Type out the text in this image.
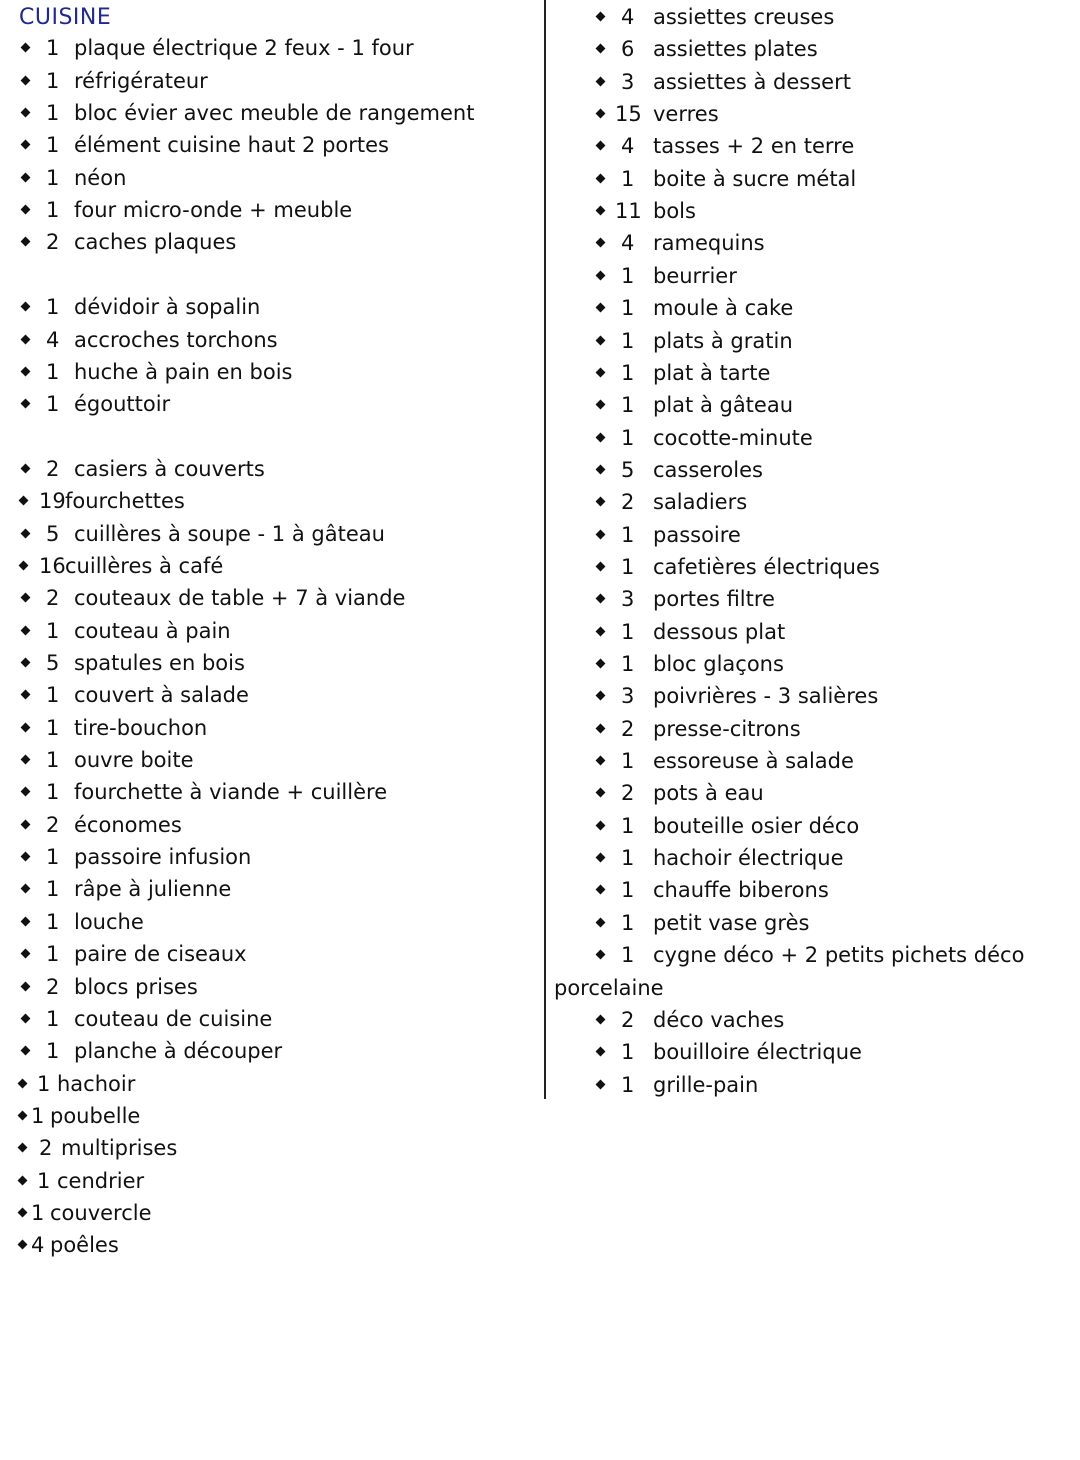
CUISINE
1 plaque électrique 2 feux - 1 four
1 réfrigérateur
1 bloc évier avec meuble de rangement
1 élément cuisine haut 2 portes
1 néon
1 four micro-onde + meuble
2 caches plaques
1 dévidoir à sopalin
4 accroches torchons
1 huche à pain en bois
1 égouttoir
2 casiers à couverts
19 fourchettes
5 cuillères à soupe - 1 à gâteau
16 cuillères à café
2 couteaux de table + 7 à viande
1 couteau à pain
5 spatules en bois
1 couvert à salade
1 tire-bouchon
1 ouvre boite
1 fourchette à viande + cuillère
2 économes
1 passoire infusion
1 râpe à julienne
1 louche
1 paire de ciseaux
2 blocs prises
1 couteau de cuisine
1 planche à découper
1 hachoir
1 poubelle
2 multiprises
1 cendrier
1 couvercle
4 poêles
4 assiettes creuses
6 assiettes plates
3 assiettes à dessert
15 verres
4 tasses + 2 en terre
1 boite à sucre métal
11 bols
4 ramequins
1 beurrier
1 moule à cake
1 plats à gratin
1 plat à tarte
1 plat à gâteau
1 cocotte-minute
5 casseroles
2 saladiers
1 passoire
1 cafetières électriques
3 portes filtre
1 dessous plat
1 bloc glaçons
3 poivrières - 3 salières
2 presse-citrons
1 essoreuse à salade
2 pots à eau
1 bouteille osier déco
1 hachoir électrique
1 chauffe biberons
1 petit vase grès
1 cygne déco + 2 petits pichets déco
2 déco vaches
1 bouilloire électrique
1 grille-pain
porcelaine
